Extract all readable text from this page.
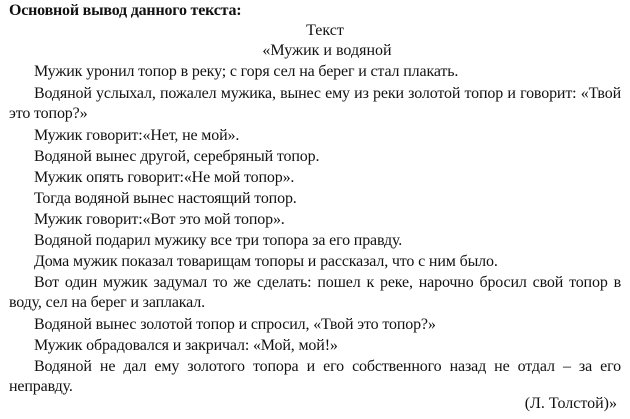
Основной вывод данного текста:
Текст
«Мужик и водяной
Мужик уронил топор в реку; с горя сел на берег и стал плакать.
Водяной услыхал, пожалел мужика, вынес ему из реки золотой топор и говорит: «Твой это топор?»
Мужик говорит:«Нет, не мой».
Водяной вынес другой, серебряный топор.
Мужик опять говорит:«Не мой топор».
Тогда водяной вынес настоящий топор.
Мужик говорит:«Вот это мой топор».
Водяной подарил мужику все три топора за его правду.
Дома мужик показал товарищам топоры и рассказал, что с ним было.
Вот один мужик задумал то же сделать: пошел к реке, нарочно бросил свой топор в воду, сел на берег и заплакал.
Водяной вынес золотой топор и спросил, «Твой это топор?»
Мужик обрадовался и закричал: «Мой, мой!»
Водяной не дал ему золотого топора и его собственного назад не отдал – за его неправду.
(Л. Толстой)»
